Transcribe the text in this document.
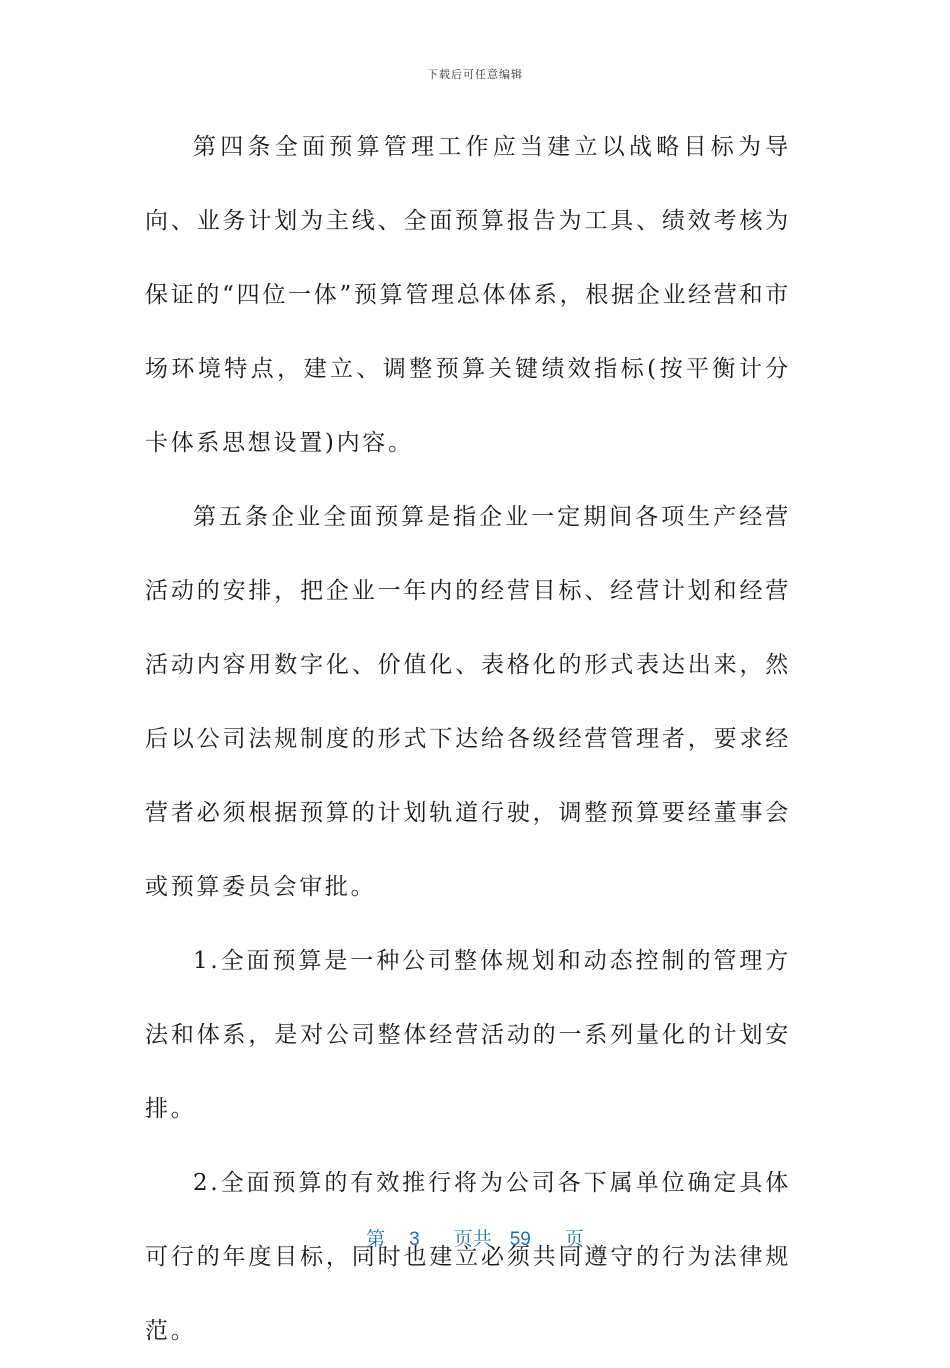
下载后可任意编辑

第四条全面预算管理工作应当建立以战略目标为导向、业务计划为主线、全面预算报告为工具、绩效考核为保证的“四位一体”预算管理总体体系，根据企业经营和市场环境特点，建立、调整预算关键绩效指标(按平衡计分卡体系思想设置)内容。

第五条企业全面预算是指企业一定期间各项生产经营活动的安排，把企业一年内的经营目标、经营计划和经营活动内容用数字化、价值化、表格化的形式表达出来，然后以公司法规制度的形式下达给各级经营管理者，要求经营者必须根据预算的计划轨道行驶，调整预算要经董事会或预算委员会审批。

1.全面预算是一种公司整体规划和动态控制的管理方法和体系，是对公司整体经营活动的一系列量化的计划安排。

2.全面预算的有效推行将为公司各下属单位确定具体可行的年度目标，同时也建立必须共同遵守的行为法律规范。

第 3 页共 59 页
